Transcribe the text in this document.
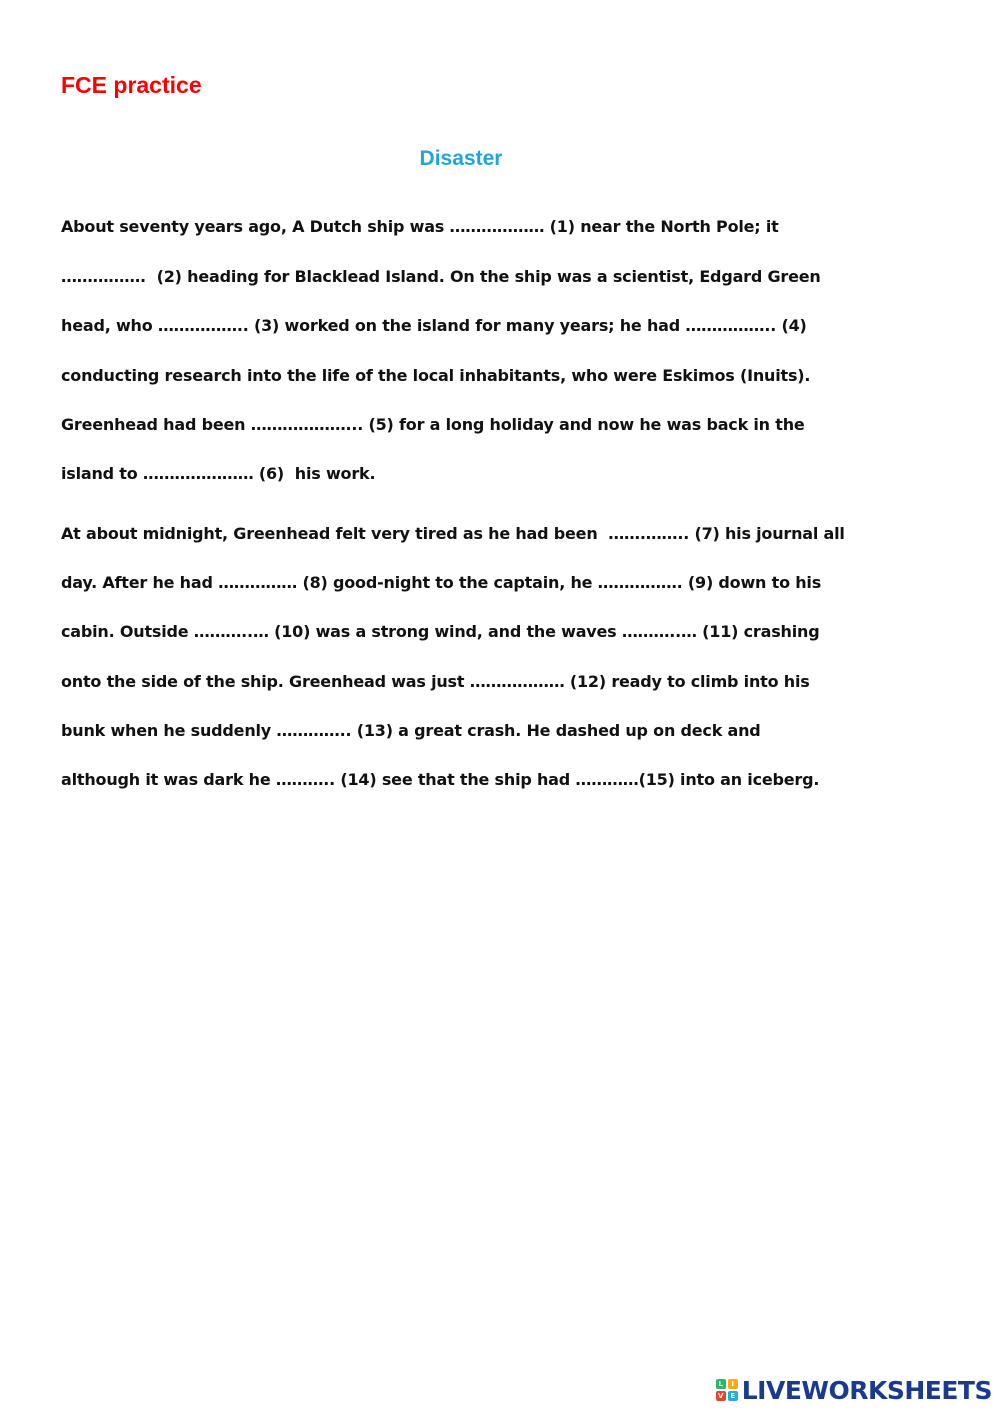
FCE practice
Disaster

About seventy years ago, A Dutch ship was ……………… (1) near the North Pole; it

…………….  (2) heading for Blacklead Island. On the ship was a scientist, Edgard Green

head, who …………….. (3) worked on the island for many years; he had …………….. (4)

conducting research into the life of the local inhabitants, who were Eskimos (Inuits).

Greenhead had been ………………... (5) for a long holiday and now he was back in the

island to ………………… (6)  his work.

At about midnight, Greenhead felt very tired as he had been  …….…….. (7) his journal all

day. After he had …………… (8) good-night to the captain, he ……………. (9) down to his

cabin. Outside ………..… (10) was a strong wind, and the waves ………..… (11) crashing

onto the side of the ship. Greenhead was just ……………… (12) ready to climb into his

bunk when he suddenly ………….. (13) a great crash. He dashed up on deck and

although it was dark he ……….. (14) see that the ship had …………(15) into an iceberg.

L	I
V E LIVEWORKSHEETS
